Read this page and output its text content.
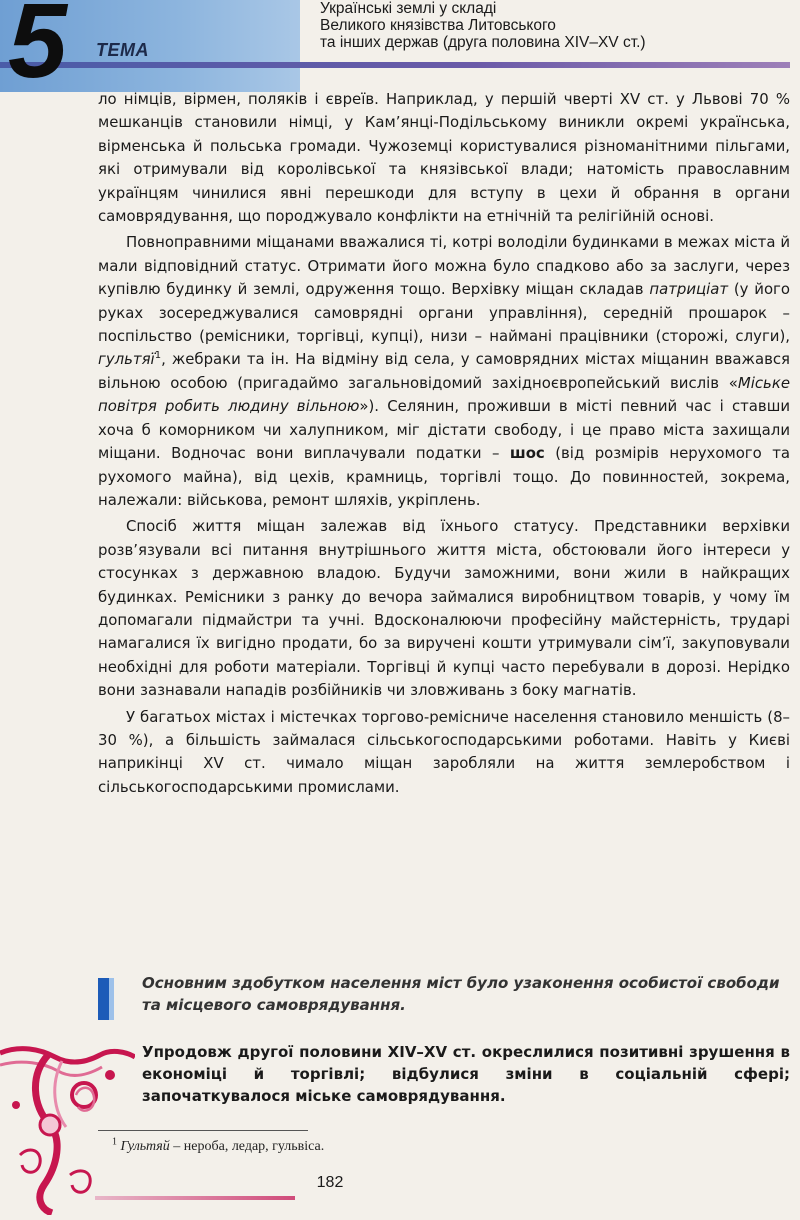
5 ТЕМА
Українські землі у складі
Великого князівства Литовського
та інших держав (друга половина XIV–XV ст.)

ло німців, вірмен, поляків і євреїв. Наприклад, у першій чверті XV ст. у Львові 70 % мешканців становили німці, у Кам’янці-Подільському виникли окремі українська, вірменська й польська громади. Чужоземці користувалися різноманітними пільгами, які отримували від королівської та князівської влади; натомість православним українцям чинилися явні перешкоди для вступу в цехи й обрання в органи самоврядування, що породжувало конфлікти на етнічній та релігійній основі.

Повноправними міщанами вважалися ті, котрі володіли будинками в межах міста й мали відповідний статус. Отримати його можна було спадково або за заслуги, через купівлю будинку й землі, одруження тощо. Верхівку міщан складав патриціат (у його руках зосереджувалися самоврядні органи управління), середній прошарок – поспільство (ремісники, торгівці, купці), низи – наймані працівники (сторожі, слуги), гультяї$^1$, жебраки та ін. На відміну від села, у самоврядних містах міщанин вважався вільною особою (пригадаймо загальновідомий західноєвропейський вислів «Міське повітря робить людину вільною»). Селянин, проживши в місті певний час і ставши хоча б коморником чи халупником, міг дістати свободу, і це право міста захищали міщани. Водночас вони виплачували податки – шос (від розмірів нерухомого та рухомого майна), від цехів, крамниць, торгівлі тощо. До повинностей, зокрема, належали: військова, ремонт шляхів, укріплень.

Спосіб життя міщан залежав від їхнього статусу. Представники верхівки розв’язували всі питання внутрішнього життя міста, обстоювали його інтереси у стосунках з державною владою. Будучи заможними, вони жили в найкращих будинках. Ремісники з ранку до вечора займалися виробництвом товарів, у чому їм допомагали підмайстри та учні. Вдосконалюючи професійну майстерність, трударі намагалися їх вигідно продати, бо за виручені кошти утримували сім’ї, закуповували необхідні для роботи матеріали. Торгівці й купці часто перебували в дорозі. Нерідко вони зазнавали нападів розбійників чи зловживань з боку магнатів.

У багатьох містах і містечках торгово-ремісниче населення становило меншість (8–30 %), а більшість займалася сільськогосподарськими роботами. Навіть у Києві наприкінці XV ст. чимало міщан заробляли на життя землеробством і сільськогосподарськими промислами.

Основним здобутком населення міст було узаконення особистої свободи та місцевого самоврядування.
Упродовж другої половини XIV–XV ст. окреслилися позитивні зрушення в економіці й торгівлі; відбулися зміни в соціальній сфері; започаткувалося міське самоврядування.
$^1$ Гультяй – нероба, ледар, гульвіса.
182
